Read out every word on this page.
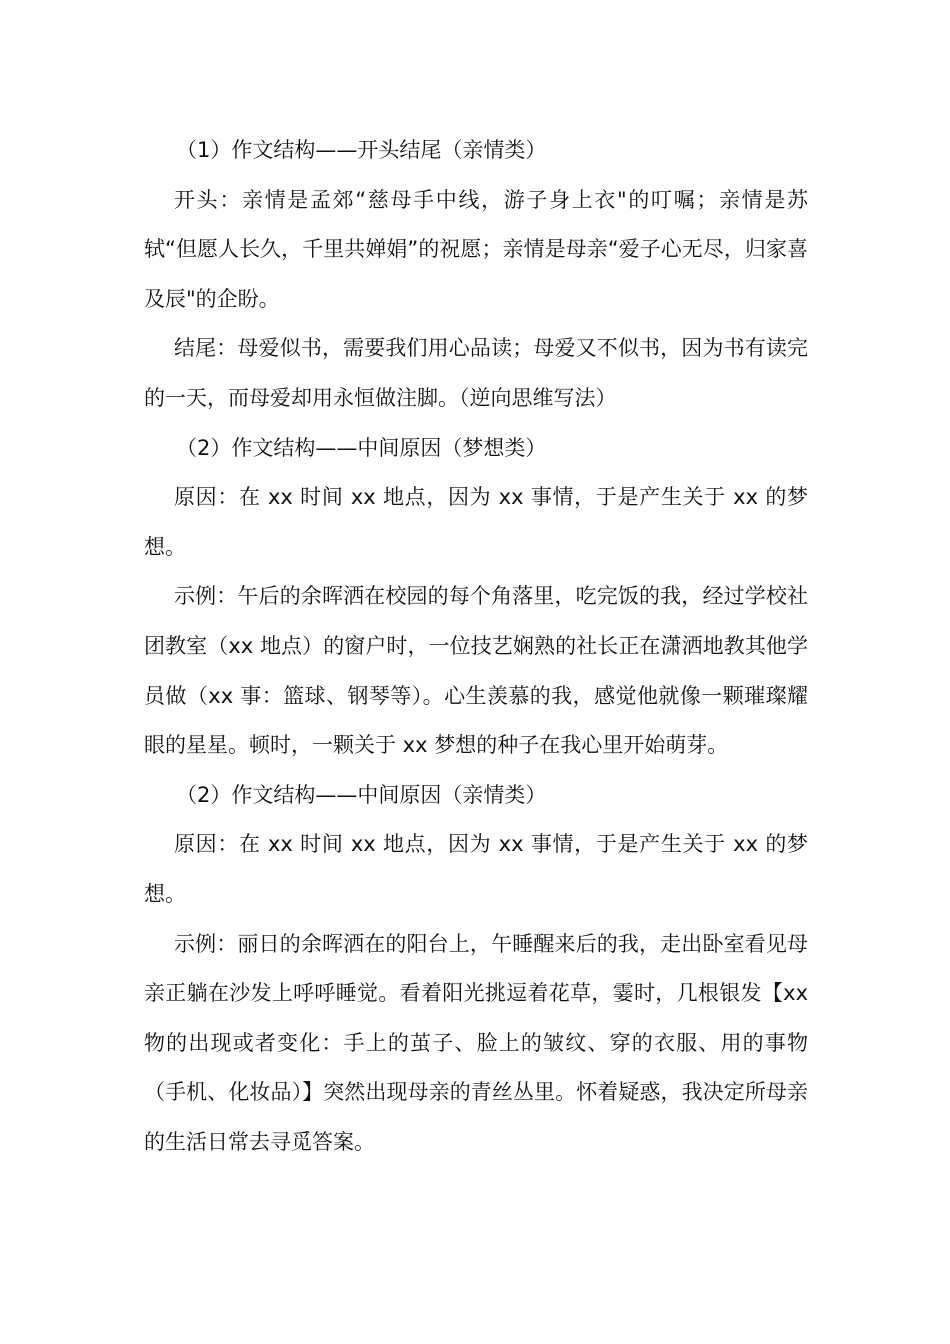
（1）作文结构——开头结尾（亲情类）

开头：亲情是孟郊“慈母手中线，游子身上衣"的叮嘱；亲情是苏轼“但愿人长久，千里共婵娟”的祝愿；亲情是母亲“爱子心无尽，归家喜及辰"的企盼。

结尾：母爱似书，需要我们用心品读；母爱又不似书，因为书有读完的一天，而母爱却用永恒做注脚。（逆向思维写法）

（2）作文结构——中间原因（梦想类）

原因：在 xx 时间 xx 地点，因为 xx 事情，于是产生关于 xx 的梦想。

示例：午后的余晖洒在校园的每个角落里，吃完饭的我，经过学校社团教室（xx 地点）的窗户时，一位技艺娴熟的社长正在潇洒地教其他学员做（xx 事：篮球、钢琴等）。心生羡慕的我，感觉他就像一颗璀璨耀眼的星星。顿时，一颗关于 xx 梦想的种子在我心里开始萌芽。

（2）作文结构——中间原因（亲情类）

原因：在 xx 时间 xx 地点，因为 xx 事情，于是产生关于 xx 的梦想。

示例：丽日的余晖洒在的阳台上，午睡醒来后的我，走出卧室看见母亲正躺在沙发上呼呼睡觉。看着阳光挑逗着花草，霎时，几根银发【xx 物的出现或者变化：手上的茧子、脸上的皱纹、穿的衣服、用的事物（手机、化妆品）】突然出现母亲的青丝丛里。怀着疑惑，我决定所母亲的生活日常去寻觅答案。
